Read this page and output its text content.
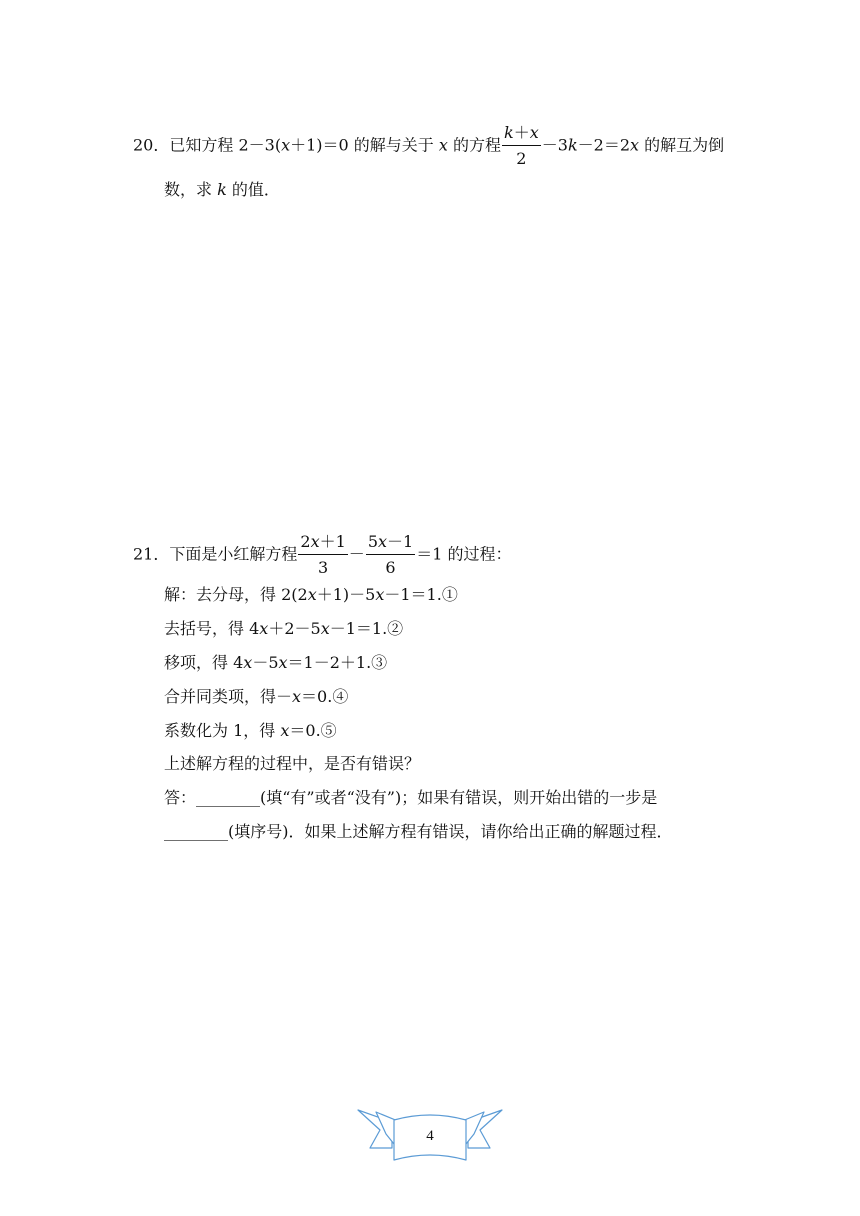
20．已知方程 2－3(x＋1)＝0 的解与关于 x 的方程 $\frac{k+x}{2} -3k-2=2x$ 的解互为倒
数，求 k 的值．
21．下面是小红解方程 $\frac{2x+1}{3} - \frac{5x-1}{6} =1$ 的过程：
解：去分母，得 2(2x＋1)－5x－1＝1.①
去括号，得 4x＋2－5x－1＝1.②
移项，得 4x－5x＝1－2＋1.③
合并同类项，得－x＝0.④
系数化为 1，得 x＝0.⑤
上述解方程的过程中，是否有错误？
答：________(填“有”或者“没有”)；如果有错误，则开始出错的一步是
________(填序号)．如果上述解方程有错误，请你给出正确的解题过程．
4
